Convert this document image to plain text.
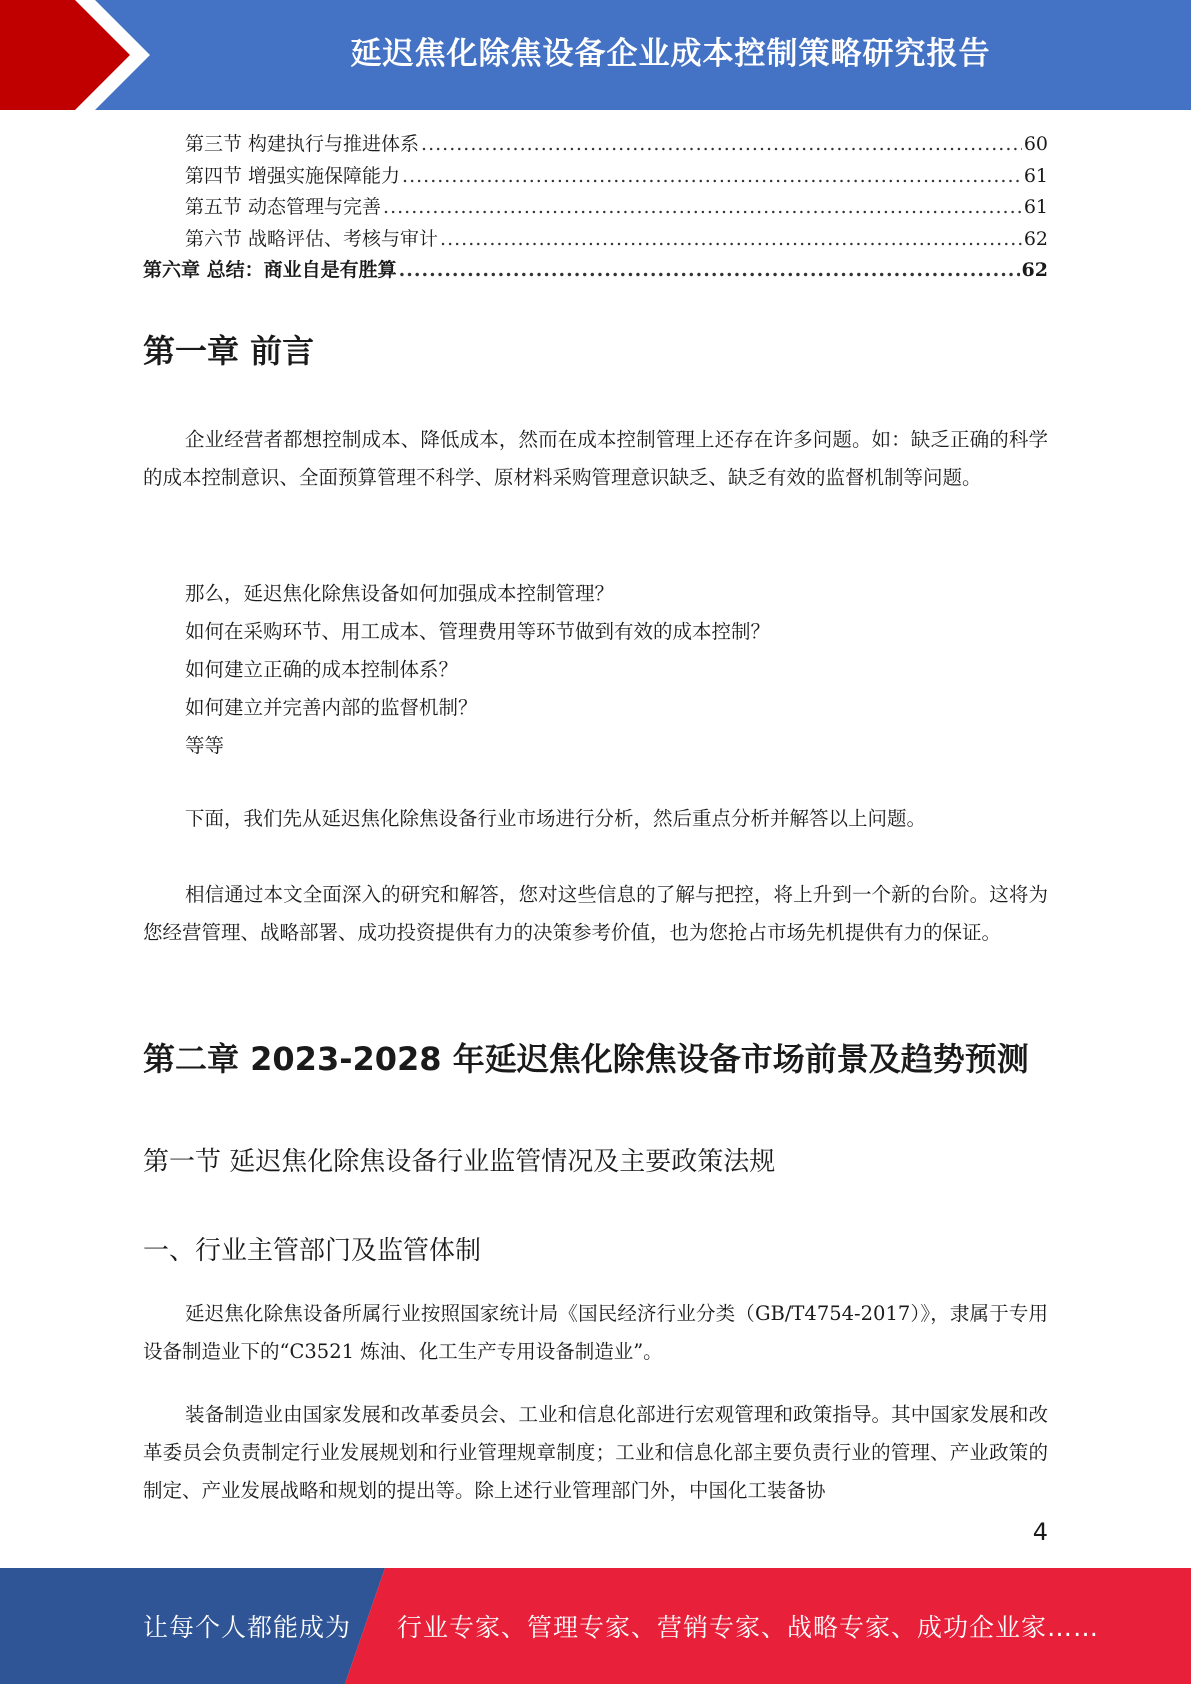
延迟焦化除焦设备企业成本控制策略研究报告
第三节 构建执行与推进体系 .....	60
第四节 增强实施保障能力 .....	61
第五节 动态管理与完善 .....	61
第六节 战略评估、考核与审计 .....	62
第六章 总结：商业自是有胜算 .....	62
第一章 前言
企业经营者都想控制成本、降低成本，然而在成本控制管理上还存在许多问题。如：缺乏正确的科学的成本控制意识、全面预算管理不科学、原材料采购管理意识缺乏、缺乏有效的监督机制等问题。
那么，延迟焦化除焦设备如何加强成本控制管理？
如何在采购环节、用工成本、管理费用等环节做到有效的成本控制？
如何建立正确的成本控制体系？
如何建立并完善内部的监督机制？
等等
下面，我们先从延迟焦化除焦设备行业市场进行分析，然后重点分析并解答以上问题。
相信通过本文全面深入的研究和解答，您对这些信息的了解与把控，将上升到一个新的台阶。这将为您经营管理、战略部署、成功投资提供有力的决策参考价值，也为您抢占市场先机提供有力的保证。
第二章 2023-2028 年延迟焦化除焦设备市场前景及趋势预测
第一节 延迟焦化除焦设备行业监管情况及主要政策法规
一、行业主管部门及监管体制
延迟焦化除焦设备所属行业按照国家统计局《国民经济行业分类（GB/T4754-2017）》，隶属于专用设备制造业下的“C3521 炼油、化工生产专用设备制造业”。
装备制造业由国家发展和改革委员会、工业和信息化部进行宏观管理和政策指导。其中国家发展和改革委员会负责制定行业发展规划和行业管理规章制度；工业和信息化部主要负责行业的管理、产业政策的制定、产业发展战略和规划的提出等。除上述行业管理部门外，中国化工装备协
4
让每个人都能成为 行业专家、管理专家、营销专家、战略专家、成功企业家……
